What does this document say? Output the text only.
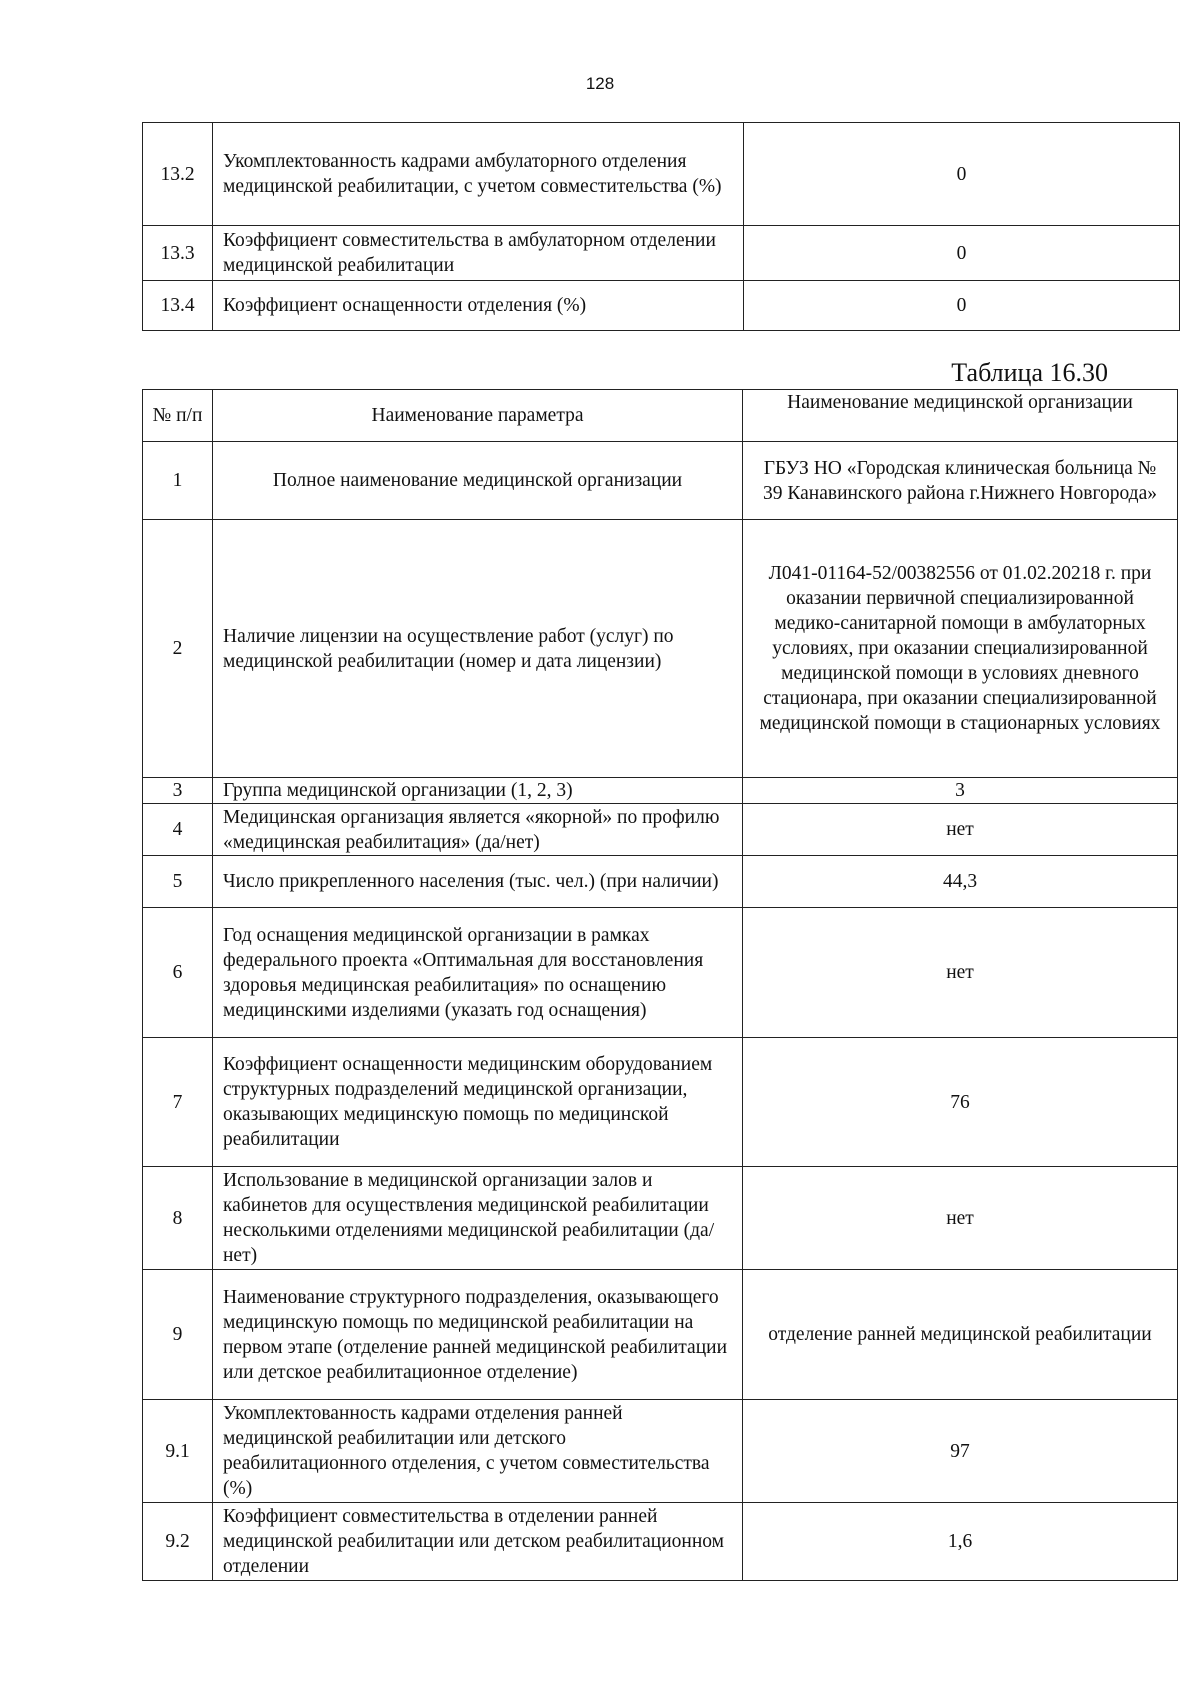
128
13.2	Укомплектованность кадрами амбулаторного отделения медицинской реабилитации, с учетом совместительства (%)	0
13.3	Коэффициент совместительства в амбулаторном отделении медицинской реабилитации	0
13.4	Коэффициент оснащенности отделения (%)	0
Таблица 16.30
№ п/п	Наименование параметра	Наименование медицинской организации
1	Полное наименование медицинской организации	ГБУЗ НО «Городская клиническая больница № 39 Канавинского района г.Нижнего Новгорода»
2	Наличие лицензии на осуществление работ (услуг) по медицинской реабилитации (номер и дата лицензии)	Л041-01164-52/00382556 от 01.02.20218 г. при оказании первичной специализированной медико-санитарной помощи в амбулаторных условиях, при оказании специализированной медицинской помощи в условиях дневного стационара, при оказании специализированной медицинской помощи в стационарных условиях
3	Группа медицинской организации (1, 2, 3)	3
4	Медицинская организация является «якорной» по профилю «медицинская реабилитация» (да/нет)	нет
5	Число прикрепленного населения (тыс. чел.) (при наличии)	44,3
6	Год оснащения медицинской организации в рамках федерального проекта «Оптимальная для восстановления здоровья медицинская реабилитация» по оснащению медицинскими изделиями (указать год оснащения)	нет
7	Коэффициент оснащенности медицинским оборудованием структурных подразделений медицинской организации, оказывающих медицинскую помощь по медицинской реабилитации	76
8	Использование в медицинской организации залов и кабинетов для осуществления медицинской реабилитации несколькими отделениями медицинской реабилитации (да/нет)	нет
9	Наименование структурного подразделения, оказывающего медицинскую помощь по медицинской реабилитации на первом этапе (отделение ранней медицинской реабилитации или детское реабилитационное отделение)	отделение ранней медицинской реабилитации
9.1	Укомплектованность кадрами отделения ранней медицинской реабилитации или детского реабилитационного отделения, с учетом совместительства (%)	97
9.2	Коэффициент совместительства в отделении ранней медицинской реабилитации или детском реабилитационном отделении	1,6
